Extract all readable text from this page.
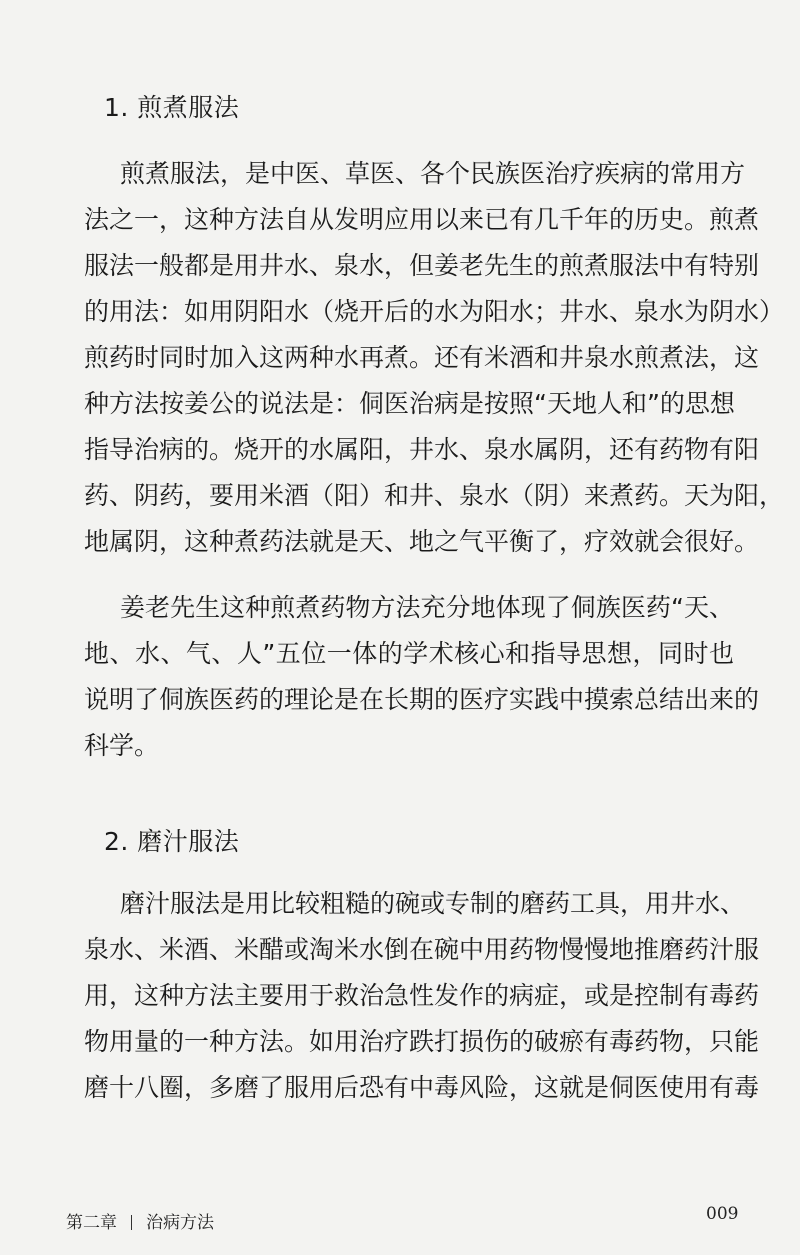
1. 煎煮服法
煎煮服法，是中医、草医、各个民族医治疗疾病的常用方
法之一，这种方法自从发明应用以来已有几千年的历史。煎煮
服法一般都是用井水、泉水，但姜老先生的煎煮服法中有特别
的用法：如用阴阳水（烧开后的水为阳水；井水、泉水为阴水）
煎药时同时加入这两种水再煮。还有米酒和井泉水煎煮法，这
种方法按姜公的说法是：侗医治病是按照“天地人和”的思想
指导治病的。烧开的水属阳，井水、泉水属阴，还有药物有阳
药、阴药，要用米酒（阳）和井、泉水（阴）来煮药。天为阳，
地属阴，这种煮药法就是天、地之气平衡了，疗效就会很好。
姜老先生这种煎煮药物方法充分地体现了侗族医药“天、
地、水、气、人”五位一体的学术核心和指导思想，同时也
说明了侗族医药的理论是在长期的医疗实践中摸索总结出来的
科学。
2. 磨汁服法
磨汁服法是用比较粗糙的碗或专制的磨药工具，用井水、
泉水、米酒、米醋或淘米水倒在碗中用药物慢慢地推磨药汁服
用，这种方法主要用于救治急性发作的病症，或是控制有毒药
物用量的一种方法。如用治疗跌打损伤的破瘀有毒药物，只能
磨十八圈，多磨了服用后恐有中毒风险，这就是侗医使用有毒
第二章 治病方法	009
